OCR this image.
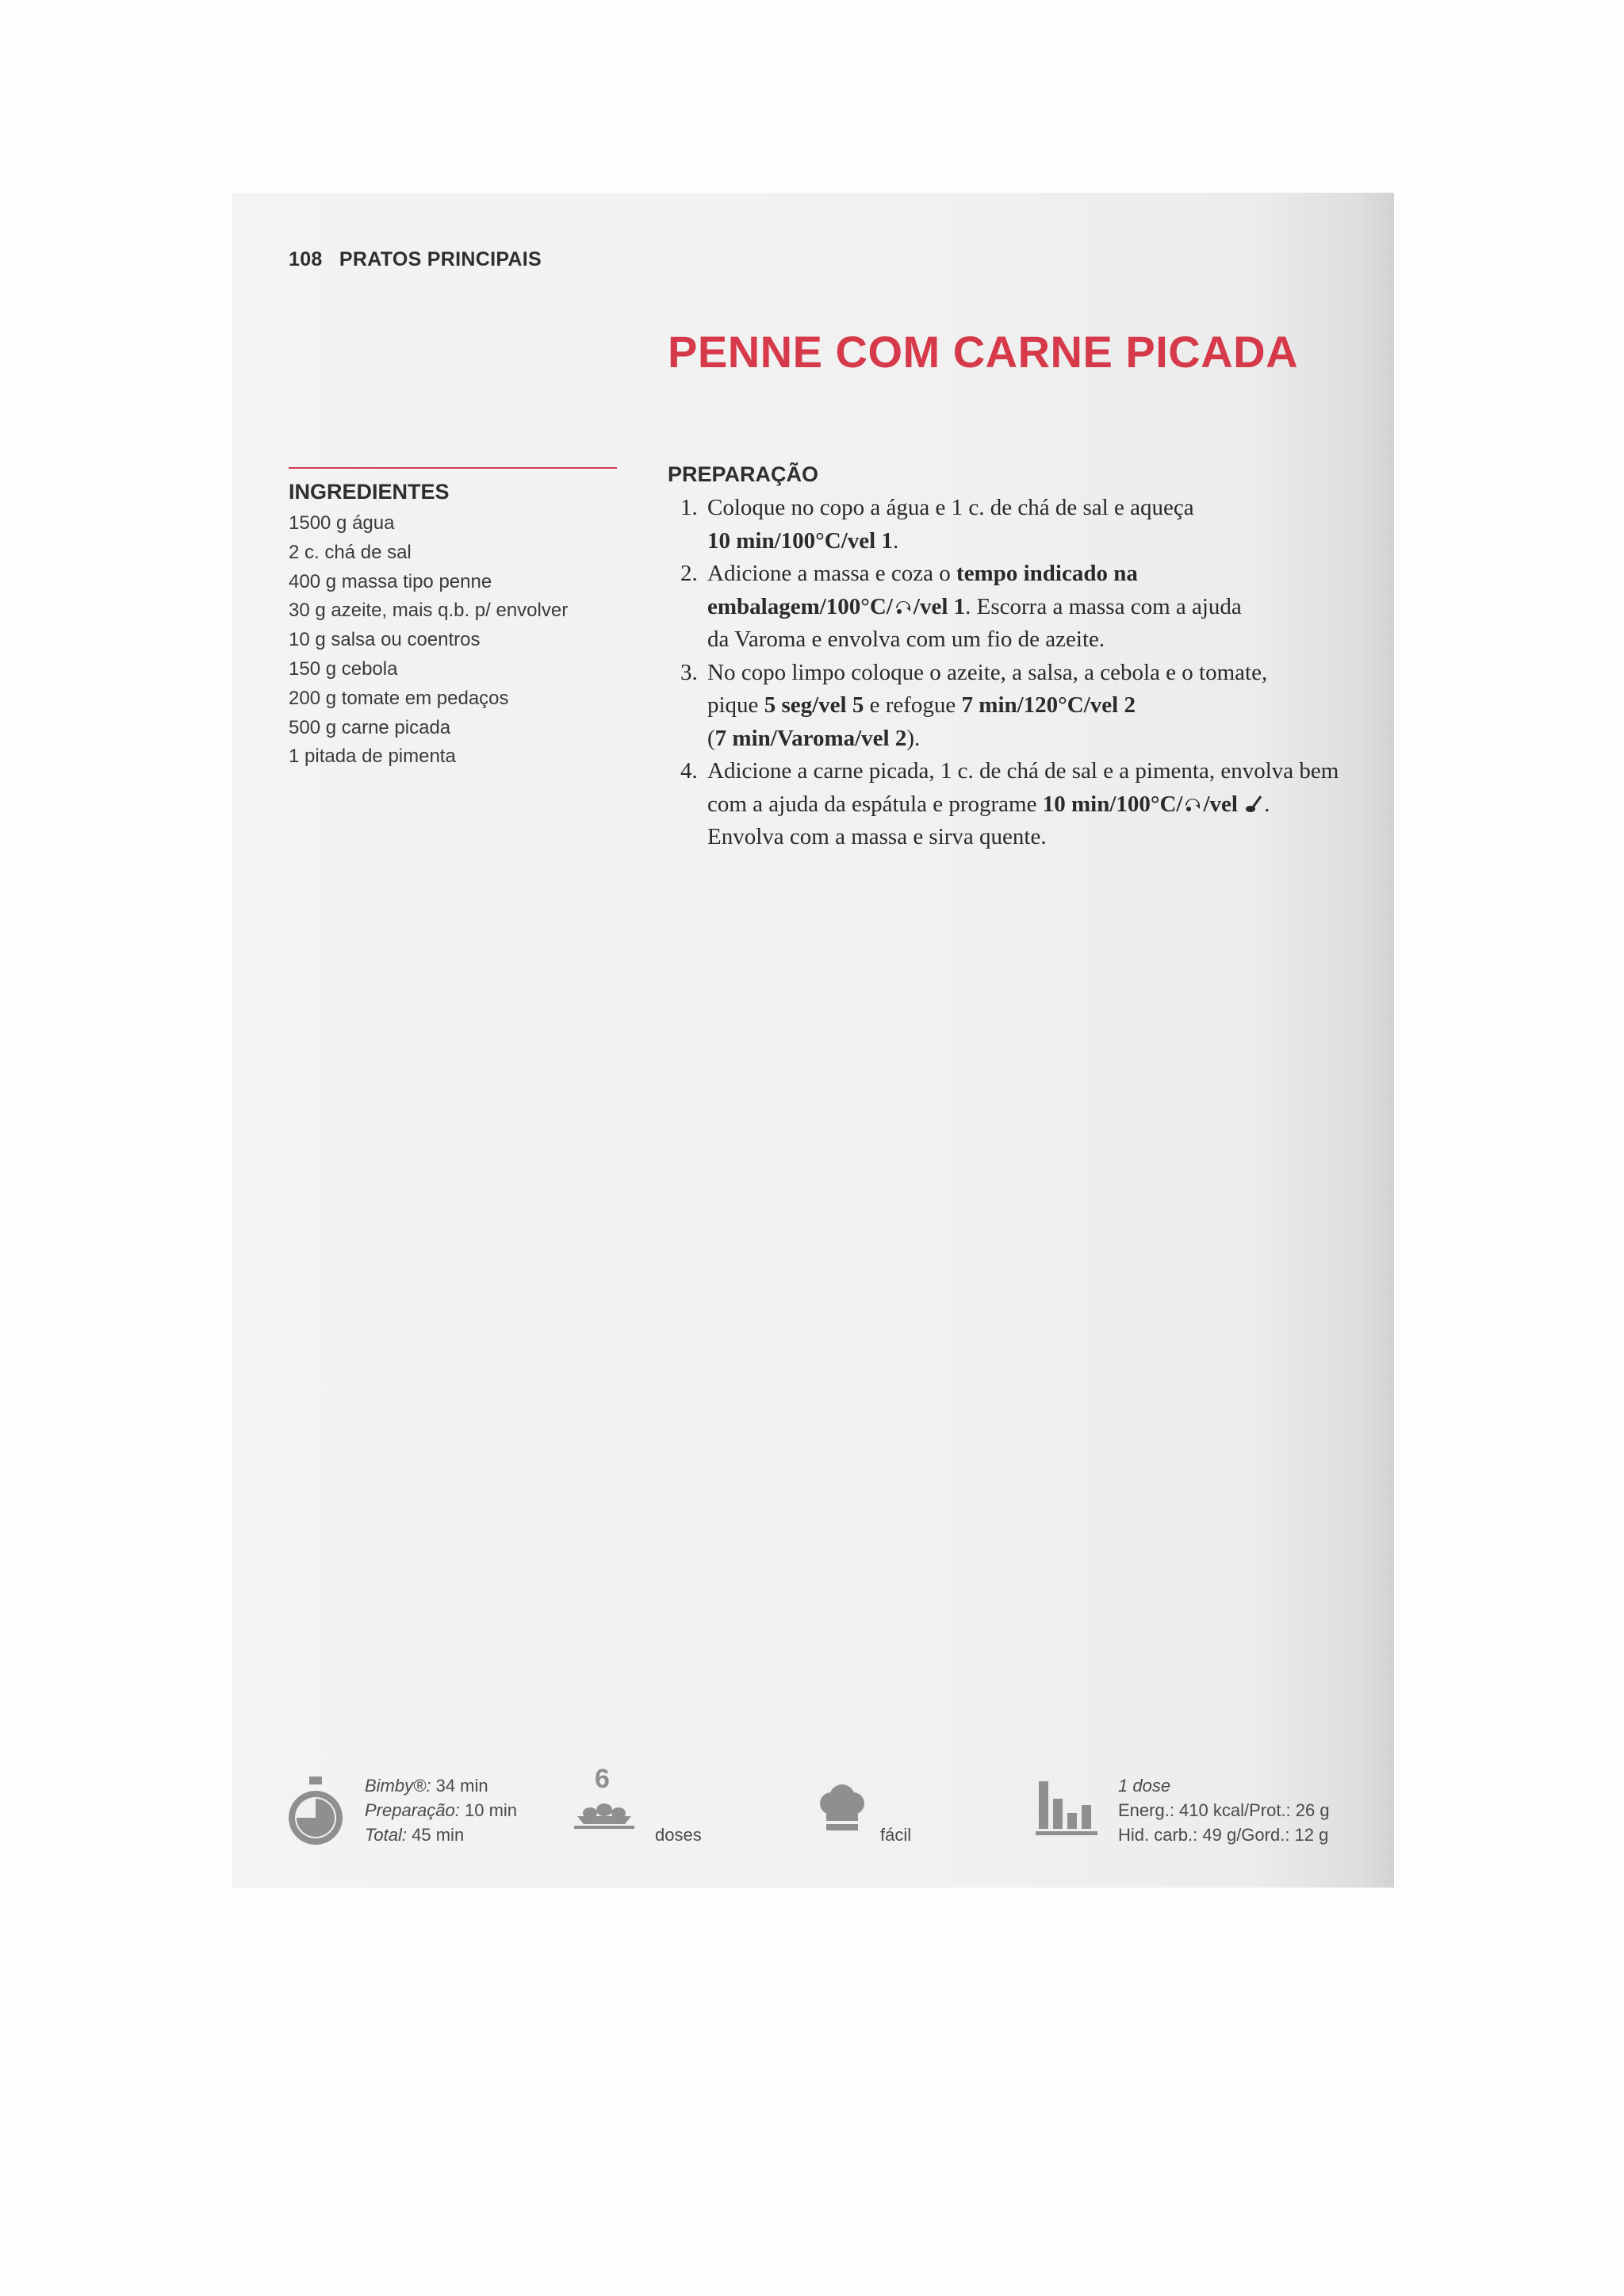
108 PRATOS PRINCIPAIS
PENNE COM CARNE PICADA
INGREDIENTES
1500 g água
2 c. chá de sal
400 g massa tipo penne
30 g azeite, mais q.b. p/ envolver
10 g salsa ou coentros
150 g cebola
200 g tomate em pedaços
500 g carne picada
1 pitada de pimenta
PREPARAÇÃO
1. Coloque no copo a água e 1 c. de chá de sal e aqueça
10 min/100°C/vel 1.
2. Adicione a massa e coza o tempo indicado na
embalagem/100°C/ /vel 1. Escorra a massa com a ajuda
da Varoma e envolva com um fio de azeite.
3. No copo limpo coloque o azeite, a salsa, a cebola e o tomate,
pique 5 seg/vel 5 e refogue 7 min/120°C/vel 2
(7 min/Varoma/vel 2).
4. Adicione a carne picada, 1 c. de chá de sal e a pimenta, envolva bem
com a ajuda da espátula e programe 10 min/100°C/ /vel .
Envolva com a massa e sirva quente.
Bimby®: 34 min
Preparação: 10 min
Total: 45 min
6
doses	fácil
1 dose
Energ.: 410 kcal/Prot.: 26 g
Hid. carb.: 49 g/Gord.: 12 g
